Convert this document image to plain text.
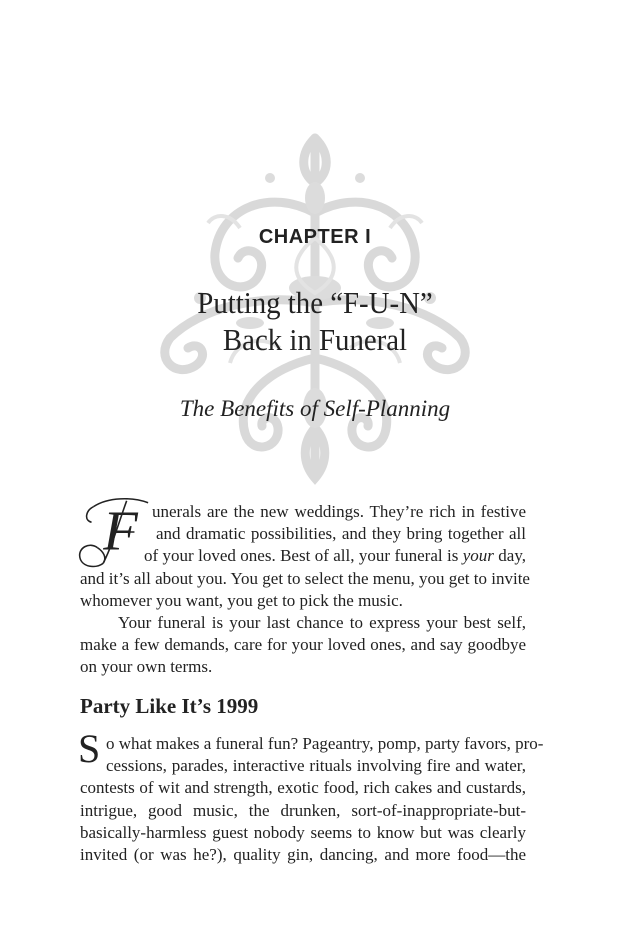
CHAPTER I
Putting the “F-U-N”
Back in Funeral
The Benefits of Self-Planning
F unerals are the new weddings. They’re rich in festive
and dramatic possibilities, and they bring together all
of your loved ones. Best of all, your funeral is your day,
and it’s all about you. You get to select the menu, you get to invite
whomever you want, you get to pick the music.
Your funeral is your last chance to express your best self, make a few demands, care for your loved ones, and say goodbye on your own terms.
Party Like It’s 1999
S o what makes a funeral fun? Pageantry, pomp, party favors, pro-
cessions, parades, interactive rituals involving fire and water,
contests of wit and strength, exotic food, rich cakes and custards,
intrigue, good music, the drunken, sort-of-inappropriate-but-
basically-harmless guest nobody seems to know but was clearly
invited (or was he?), quality gin, dancing, and more food—the
